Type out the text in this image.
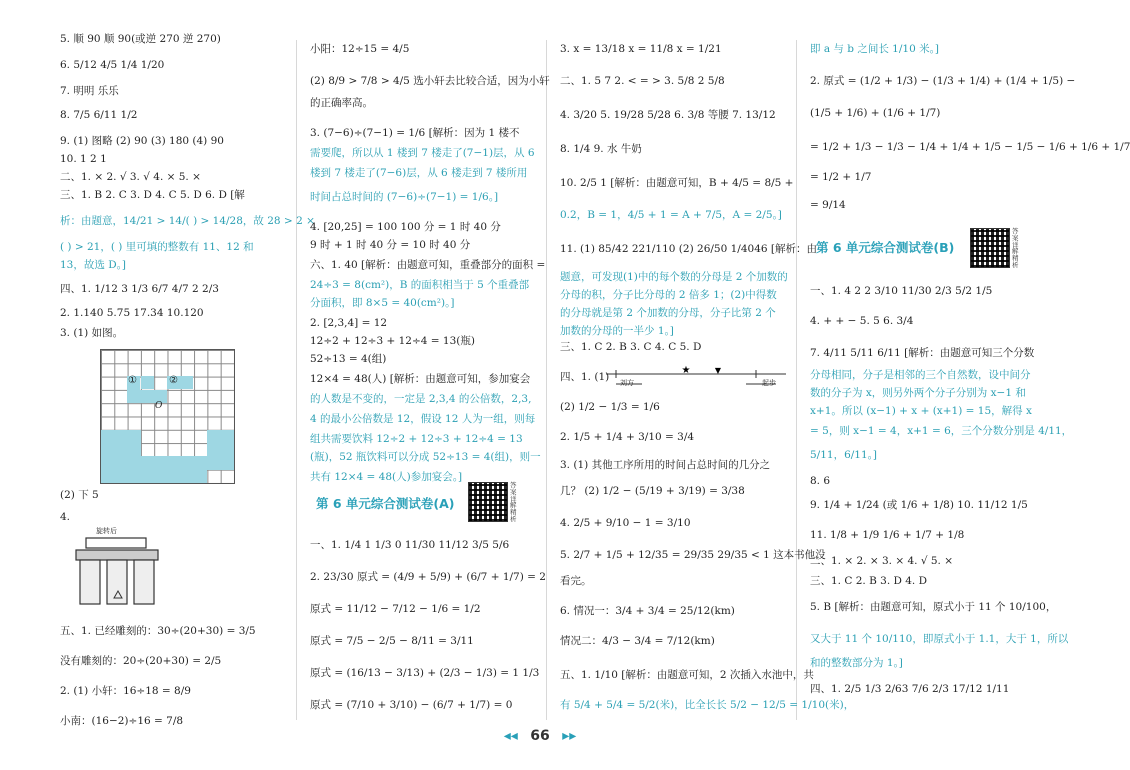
5. 顺 90 顺 90(或逆 270 逆 270)
6. 5/12 4/5 1/4 1/20
7. 明明 乐乐
8. 7/5 6/11 1/2
9. (1) 图略 (2) 90 (3) 180 (4) 90
10. 1 2 1
二、1. × 2. √ 3. √ 4. × 5. ×
三、1. B 2. C 3. D 4. C 5. D 6. D [解
析：由题意，14/21 > 14/( ) > 14/28，故 28 > 2 ×
( ) > 21，( ) 里可填的整数有 11、12 和
13，故选 D。]
四、1. 1/12 3 1/3 6/7 4/7 2 2/3
2. 1.140 5.75 17.34 10.120
3. (1) 如图。
①	②
O
(2) 下 5
4.
旋转后
五、1. 已经雕刻的：30÷(20+30) = 3/5
没有雕刻的：20÷(20+30) = 2/5
2. (1) 小轩：16÷18 = 8/9
小南：(16−2)÷16 = 7/8
小阳：12÷15 = 4/5
(2) 8/9 > 7/8 > 4/5 选小轩去比较合适，因为小轩
的正确率高。
3. (7−6)÷(7−1) = 1/6 [解析：因为 1 楼不
需要爬，所以从 1 楼到 7 楼走了(7−1)层，从 6
楼到 7 楼走了(7−6)层，从 6 楼走到 7 楼所用
时间占总时间的 (7−6)÷(7−1) = 1/6。]
4. [20,25] = 100 100 分 = 1 时 40 分
9 时 + 1 时 40 分 = 10 时 40 分
六、1. 40 [解析：由题意可知，重叠部分的面积 =
24÷3 = 8(cm²)，B 的面积相当于 5 个重叠部
分面积，即 8×5 = 40(cm²)。]
2. [2,3,4] = 12
12÷2 + 12÷3 + 12÷4 = 13(瓶)
52÷13 = 4(组)
12×4 = 48(人) [解析：由题意可知，参加宴会
的人数是不变的，一定是 2,3,4 的公倍数，2,3,
4 的最小公倍数是 12，假设 12 人为一组，则每
组共需要饮料 12÷2 + 12÷3 + 12÷4 = 13
(瓶)，52 瓶饮料可以分成 52÷13 = 4(组)，则一
共有 12×4 = 48(人)参加宴会。]
第 6 单元综合测试卷(A)
答案详解精析
一、1. 1/4 1 1/3 0 11/30 11/12 3/5 5/6
2. 23/30 原式 = (4/9 + 5/9) + (6/7 + 1/7) = 2
原式 = 11/12 − 7/12 − 1/6 = 1/2
原式 = 7/5 − 2/5 − 8/11 = 3/11
原式 = (16/13 − 3/13) + (2/3 − 1/3) = 1 1/3
原式 = (7/10 + 3/10) − (6/7 + 1/7) = 0
3. x = 13/18 x = 11/8 x = 1/21
二、1. 5 7 2. < = > 3. 5/8 2 5/8
4. 3/20 5. 19/28 5/28 6. 3/8 等腰 7. 13/12
8. 1/4 9. 水 牛奶
10. 2/5 1 [解析：由题意可知，B + 4/5 = 8/5 +
0.2，B = 1，4/5 + 1 = A + 7/5，A = 2/5。]
11. (1) 85/42 221/110 (2) 26/50 1/4046 [解析：由
题意，可发现(1)中的每个数的分母是 2 个加数的
分母的积，分子比分母的 2 倍多 1；(2)中得数
的分母就是第 2 个加数的分母，分子比第 2 个
加数的分母的一半少 1。]
三、1. C 2. B 3. C 4. C 5. D
四、1. (1)
★	▼
刘方	起步
(2) 1/2 − 1/3 = 1/6
2. 1/5 + 1/4 + 3/10 = 3/4
3. (1) 其他工序所用的时间占总时间的几分之
几？ (2) 1/2 − (5/19 + 3/19) = 3/38
4. 2/5 + 9/10 − 1 = 3/10
5. 2/7 + 1/5 + 12/35 = 29/35 29/35 < 1 这本书他没
看完。
6. 情况一：3/4 + 3/4 = 25/12(km)
情况二：4/3 − 3/4 = 7/12(km)
五、1. 1/10 [解析：由题意可知，2 次插入水池中，共
有 5/4 + 5/4 = 5/2(米)，比全长长 5/2 − 12/5 = 1/10(米)，
即 a 与 b 之间长 1/10 米。]
2. 原式 = (1/2 + 1/3) − (1/3 + 1/4) + (1/4 + 1/5) −
(1/5 + 1/6) + (1/6 + 1/7)
= 1/2 + 1/3 − 1/3 − 1/4 + 1/4 + 1/5 − 1/5 − 1/6 + 1/6 + 1/7
= 1/2 + 1/7
= 9/14
第 6 单元综合测试卷(B)
答案详解精析
一、1. 4 2 2 3/10 11/30 2/3 5/2 1/5
4. + + − 5. 5 6. 3/4
7. 4/11 5/11 6/11 [解析：由题意可知三个分数
分母相同，分子是相邻的三个自然数，设中间分
数的分子为 x，则另外两个分子分别为 x−1 和
x+1。所以 (x−1) + x + (x+1) = 15，解得 x
= 5，则 x−1 = 4，x+1 = 6，三个分数分别是 4/11，
5/11，6/11。]
8. 6
9. 1/4 + 1/24 (或 1/6 + 1/8) 10. 11/12 1/5
11. 1/8 + 1/9 1/6 + 1/7 + 1/8
二、1. × 2. × 3. × 4. √ 5. ×
三、1. C 2. B 3. D 4. D
5. B [解析：由题意可知，原式小于 11 个 10/100，
又大于 11 个 10/110，即原式小于 1.1，大于 1，所以
和的整数部分为 1。]
四、1. 2/5 1/3 2/63 7/6 2/3 17/12 1/11
◂◂ 66 ▸▸
